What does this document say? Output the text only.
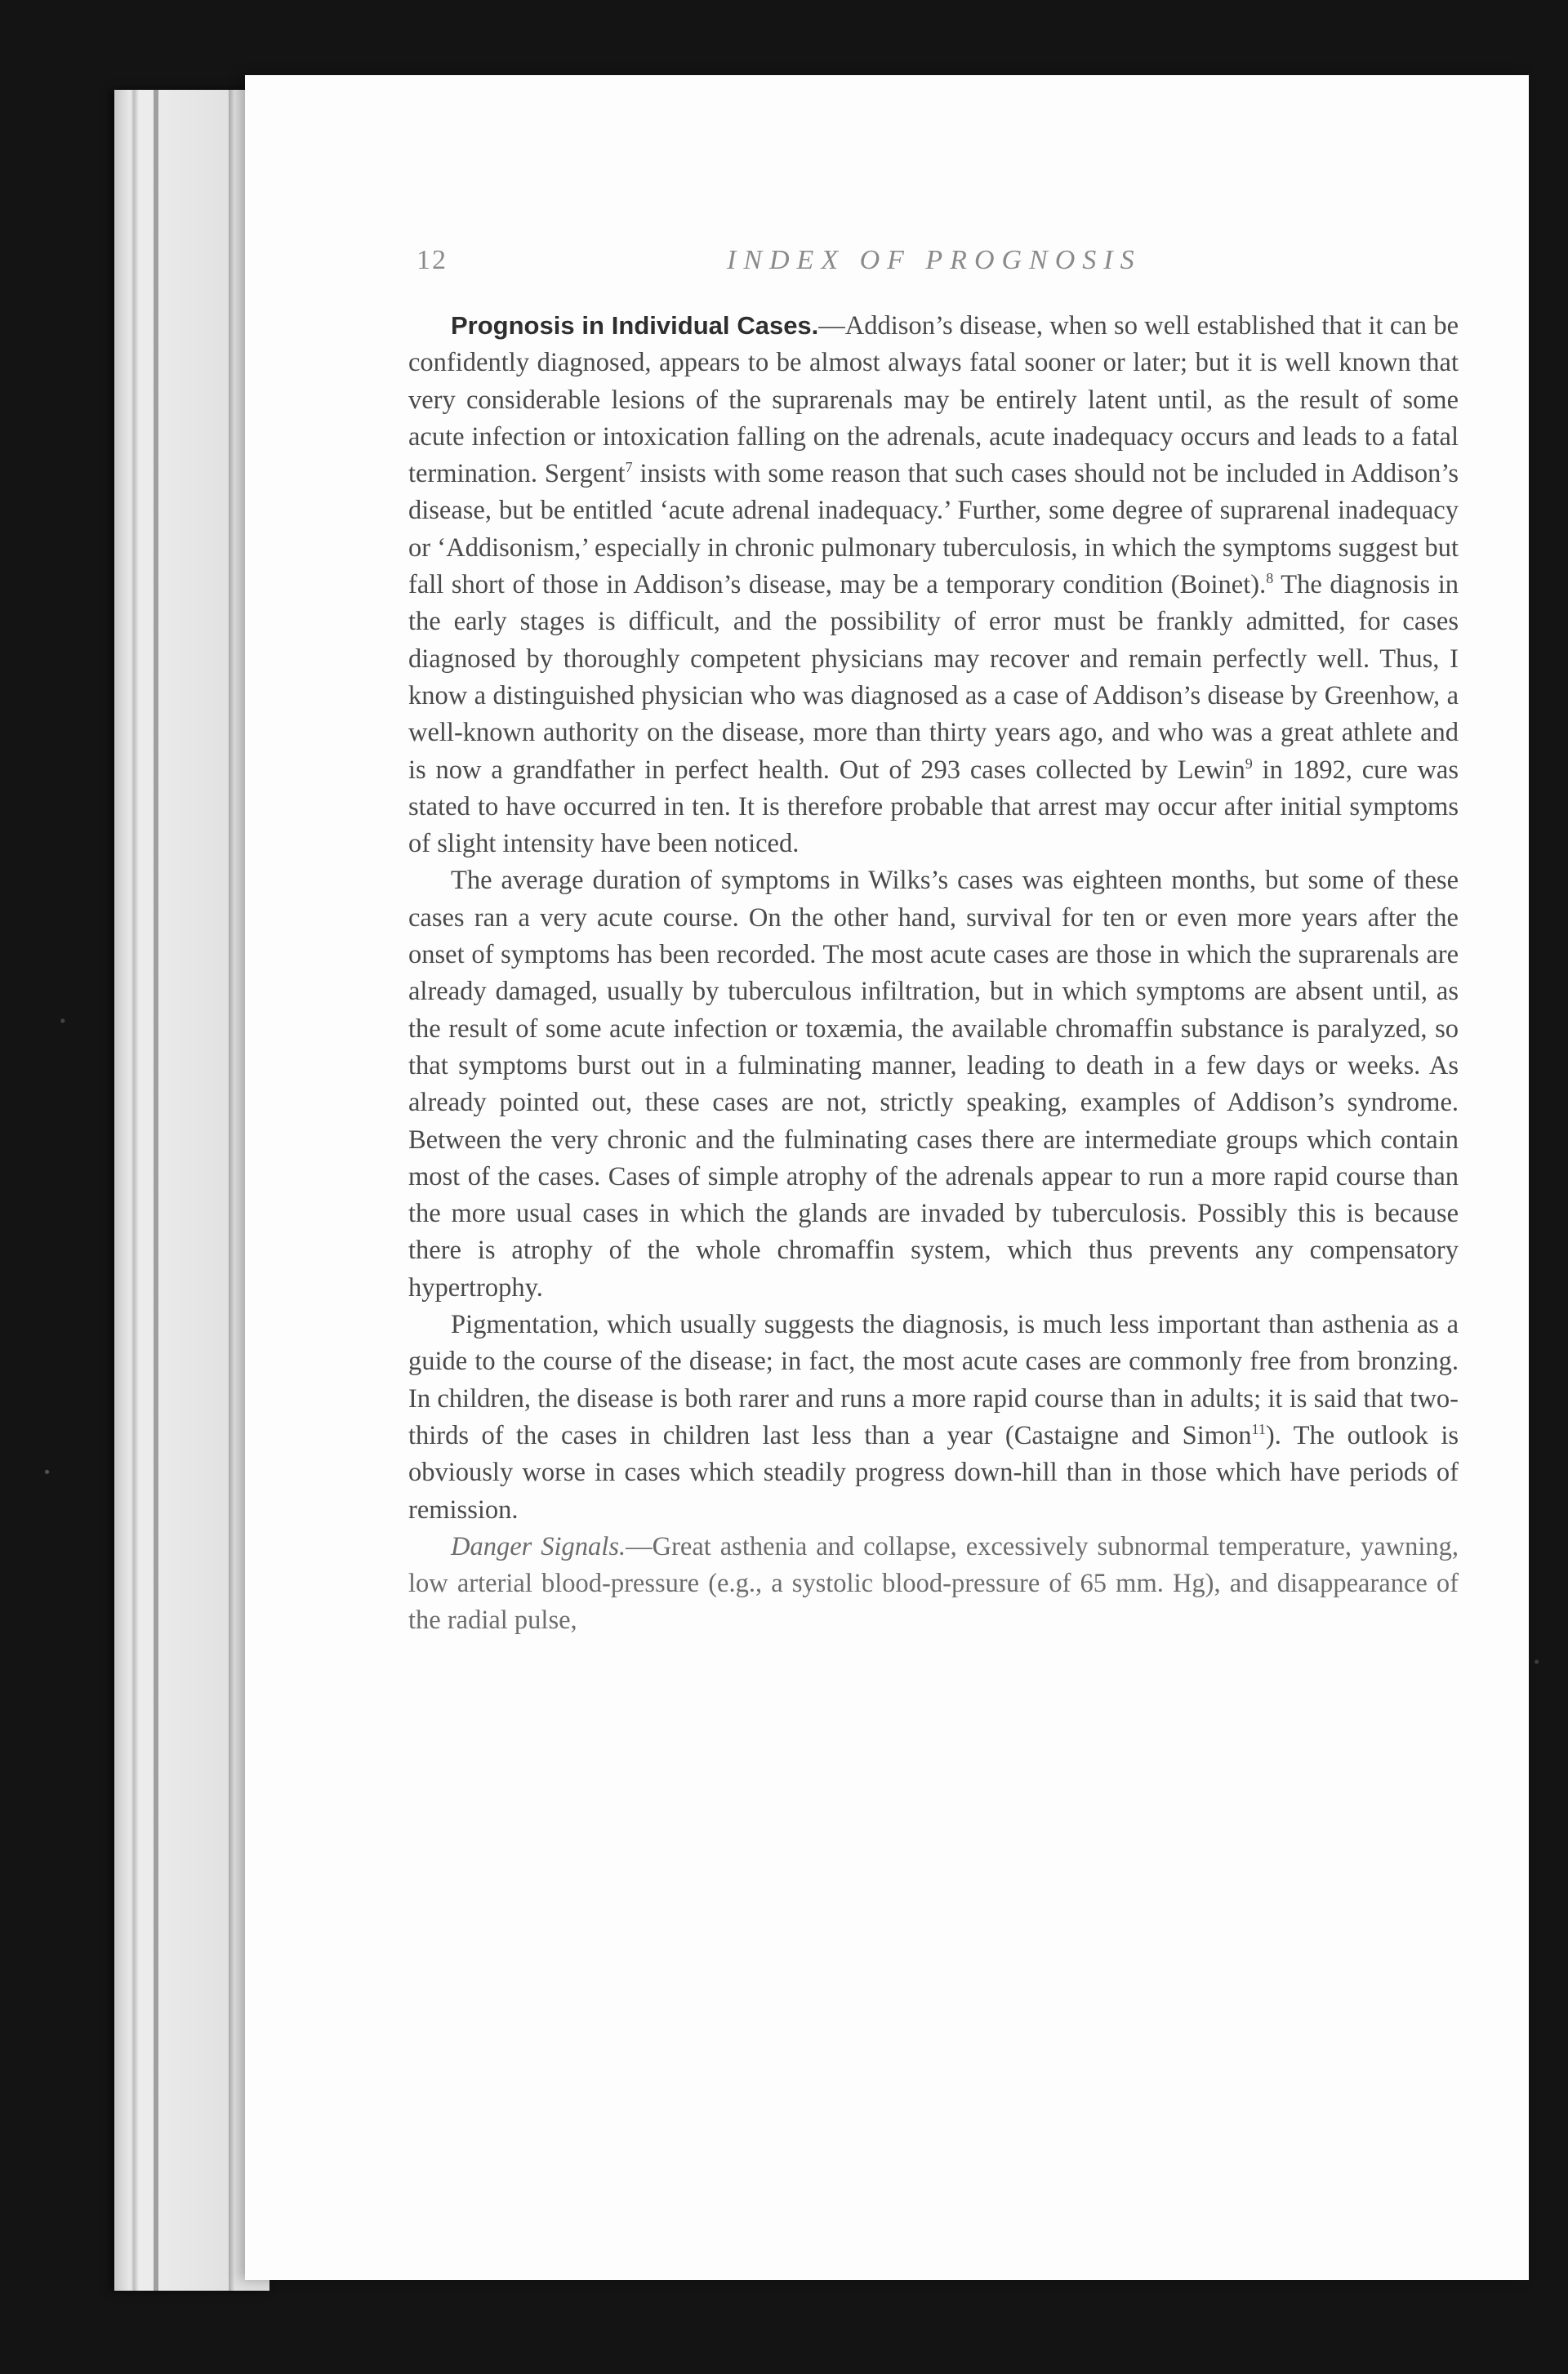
12	INDEX OF PROGNOSIS

Prognosis in Individual Cases.—Addison’s disease, when so well established that it can be confidently diagnosed, appears to be almost always fatal sooner or later; but it is well known that very considerable lesions of the suprarenals may be entirely latent until, as the result of some acute infection or intoxication falling on the adrenals, acute inadequacy occurs and leads to a fatal termination. Sergent$^7$ insists with some reason that such cases should not be included in Addison’s disease, but be entitled ‘acute adrenal inadequacy.’ Further, some degree of suprarenal inadequacy or ‘Addisonism,’ especially in chronic pulmonary tuberculosis, in which the symptoms suggest but fall short of those in Addison’s disease, may be a temporary condition (Boinet).$^8$ The diagnosis in the early stages is difficult, and the possibility of error must be frankly admitted, for cases diagnosed by thoroughly competent physicians may recover and remain perfectly well. Thus, I know a distinguished physician who was diagnosed as a case of Addison’s disease by Greenhow, a well-known authority on the disease, more than thirty years ago, and who was a great athlete and is now a grandfather in perfect health. Out of 293 cases collected by Lewin$^9$ in 1892, cure was stated to have occurred in ten. It is therefore probable that arrest may occur after initial symptoms of slight intensity have been noticed.

The average duration of symptoms in Wilks’s cases was eighteen months, but some of these cases ran a very acute course. On the other hand, survival for ten or even more years after the onset of symptoms has been recorded. The most acute cases are those in which the suprarenals are already damaged, usually by tuberculous infiltration, but in which symptoms are absent until, as the result of some acute infection or toxæmia, the available chromaffin substance is paralyzed, so that symptoms burst out in a fulminating manner, leading to death in a few days or weeks. As already pointed out, these cases are not, strictly speaking, examples of Addison’s syndrome. Between the very chronic and the fulminating cases there are intermediate groups which contain most of the cases. Cases of simple atrophy of the adrenals appear to run a more rapid course than the more usual cases in which the glands are invaded by tuberculosis. Possibly this is because there is atrophy of the whole chromaffin system, which thus prevents any compensatory hypertrophy.

Pigmentation, which usually suggests the diagnosis, is much less important than asthenia as a guide to the course of the disease; in fact, the most acute cases are commonly free from bronzing. In children, the disease is both rarer and runs a more rapid course than in adults; it is said that two-thirds of the cases in children last less than a year (Castaigne and Simon$^{11}$). The outlook is obviously worse in cases which steadily progress down-hill than in those which have periods of remission.

Danger Signals.—Great asthenia and collapse, excessively subnormal temperature, yawning, low arterial blood-pressure (e.g., a systolic blood-pressure of 65 mm. Hg), and disappearance of the radial pulse,
